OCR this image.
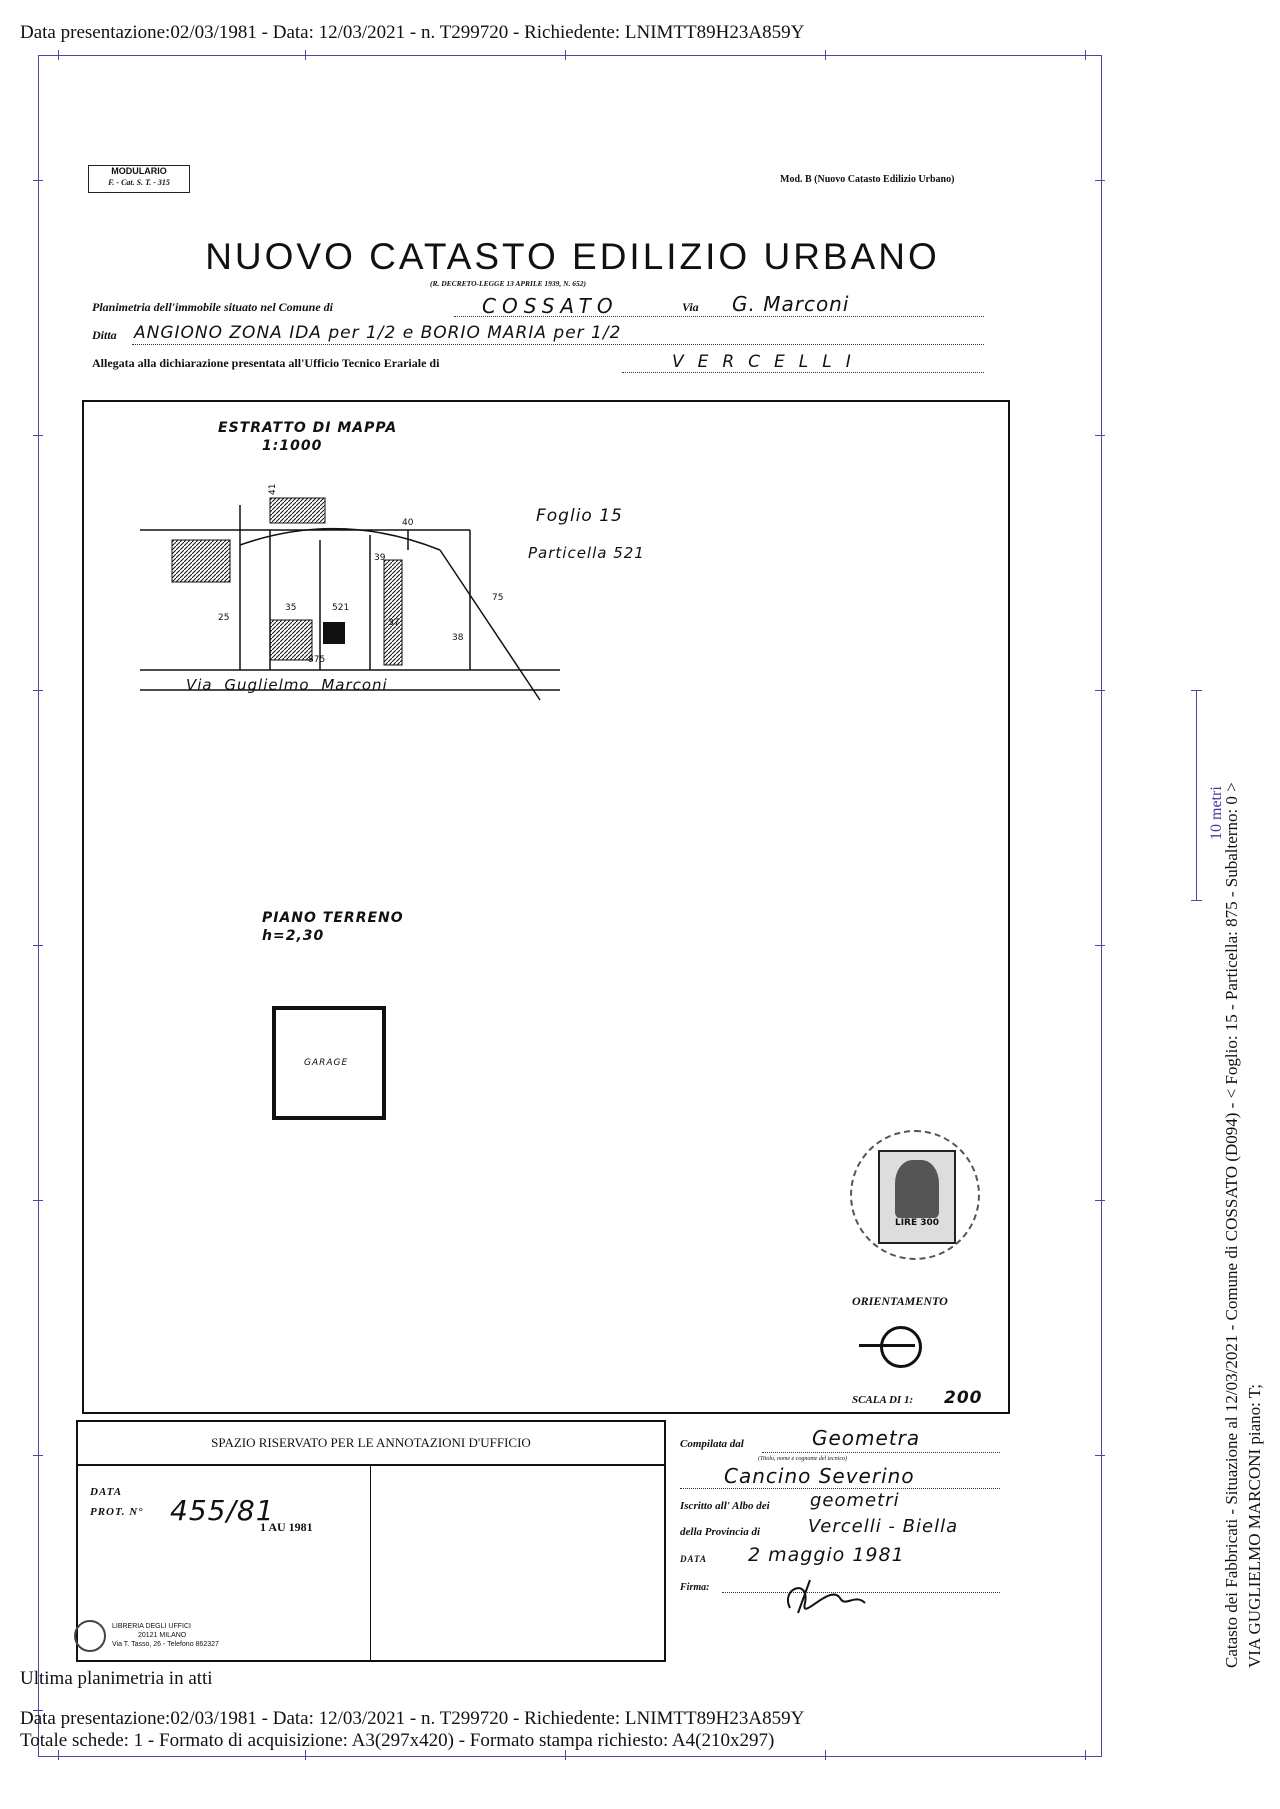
Data presentazione:02/03/1981 - Data: 12/03/2021 - n. T299720 - Richiedente: LNIMTT89H23A859Y
Catasto dei Fabbricati - Situazione al 12/03/2021 - Comune di COSSATO (D094) - < Foglio: 15 - Particella: 875 - Subalterno: 0 > VIA GUGLIELMO MARCONI piano: T;
10 metri
MODULARIO
F. - Cat. S. T. - 315	Mod. B (Nuovo Catasto Edilizio Urbano)
NUOVO CATASTO EDILIZIO URBANO
(R. DECRETO-LEGGE 13 APRILE 1939, N. 652)
Planimetria dell'immobile situato nel Comune di	COSSATO	Via G. Marconi
Ditta ANGIONO ZONA IDA per 1/2 e BORIO MARIA per 1/2
Allegata alla dichiarazione presentata all'Ufficio Tecnico Erariale di	VERCELLI
ESTRATTO DI MAPPA
1:1000
Foglio 15
Particella 521
41
40
39
25
35	521
37
38
75
875
Via Guglielmo Marconi
PIANO TERRENO
h=2,30
GARAGE
LIRE 300
ORIENTAMENTO
SCALA DI 1: 200
SPAZIO RISERVATO PER LE ANNOTAZIONI D'UFFICIO
DATA
PROT. N° 455/81
1 AU 1981
LIBRERIA DEGLI UFFICI
20121 MILANO
Via T. Tasso, 26 - Telefono 862327
Compilata dal	Geometra
(Titolo, nome e cognome del tecnico)
Cancino Severino
Iscritto all' Albo dei geometri
della Provincia di	Vercelli - Biella
DATA 2 maggio 1981
Firma:
Ultima planimetria in atti
Data presentazione:02/03/1981 - Data: 12/03/2021 - n. T299720 - Richiedente: LNIMTT89H23A859Y
Totale schede: 1 - Formato di acquisizione: A3(297x420) - Formato stampa richiesto: A4(210x297)
